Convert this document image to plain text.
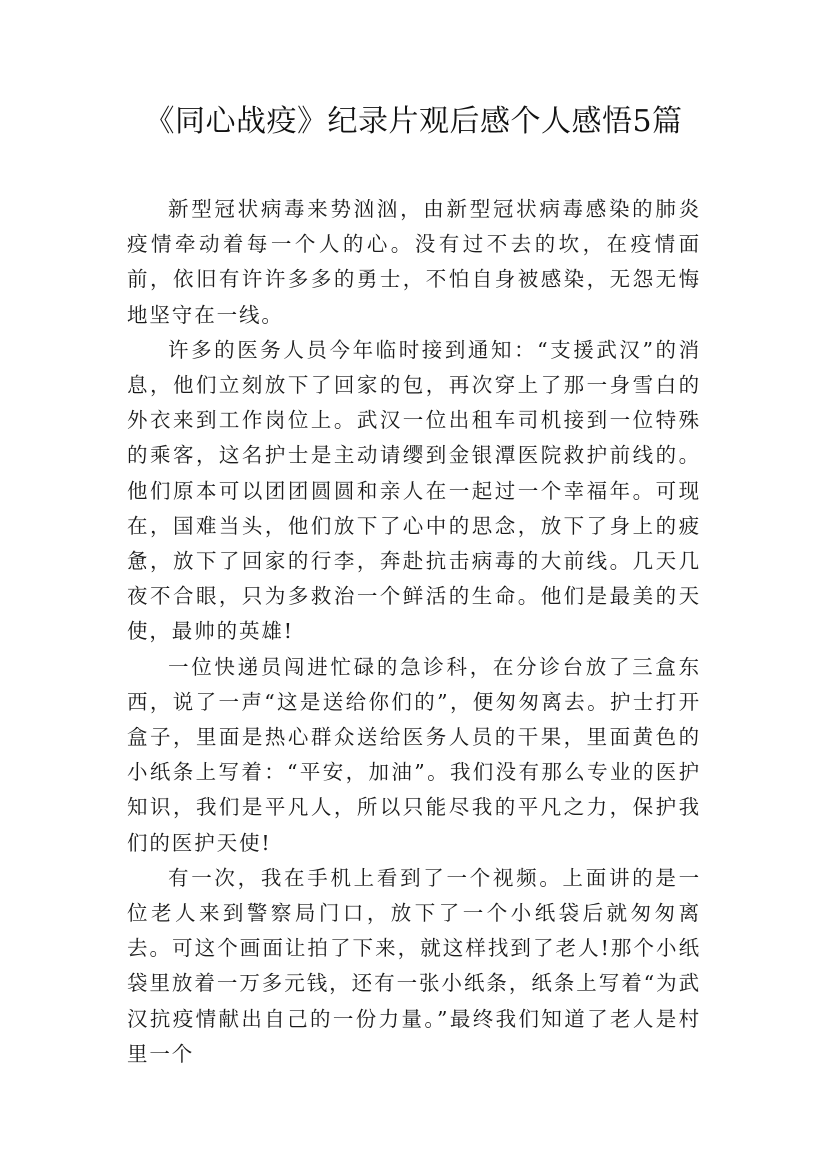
《同心战疫》纪录片观后感个人感悟5篇

新型冠状病毒来势汹汹，由新型冠状病毒感染的肺炎疫情牵动着每一个人的心。没有过不去的坎，在疫情面前，依旧有许许多多的勇士，不怕自身被感染，无怨无悔地坚守在一线。

许多的医务人员今年临时接到通知：“支援武汉”的消息，他们立刻放下了回家的包，再次穿上了那一身雪白的外衣来到工作岗位上。武汉一位出租车司机接到一位特殊的乘客，这名护士是主动请缨到金银潭医院救护前线的。他们原本可以团团圆圆和亲人在一起过一个幸福年。可现在，国难当头，他们放下了心中的思念，放下了身上的疲惫，放下了回家的行李，奔赴抗击病毒的大前线。几天几夜不合眼，只为多救治一个鲜活的生命。他们是最美的天使，最帅的英雄!

一位快递员闯进忙碌的急诊科，在分诊台放了三盒东西，说了一声“这是送给你们的”，便匆匆离去。护士打开盒子，里面是热心群众送给医务人员的干果，里面黄色的小纸条上写着：“平安，加油”。我们没有那么专业的医护知识，我们是平凡人，所以只能尽我的平凡之力，保护我们的医护天使!

有一次，我在手机上看到了一个视频。上面讲的是一位老人来到警察局门口，放下了一个小纸袋后就匆匆离去。可这个画面让拍了下来，就这样找到了老人!那个小纸袋里放着一万多元钱，还有一张小纸条，纸条上写着“为武汉抗疫情献出自己的一份力量。”最终我们知道了老人是村里一个
